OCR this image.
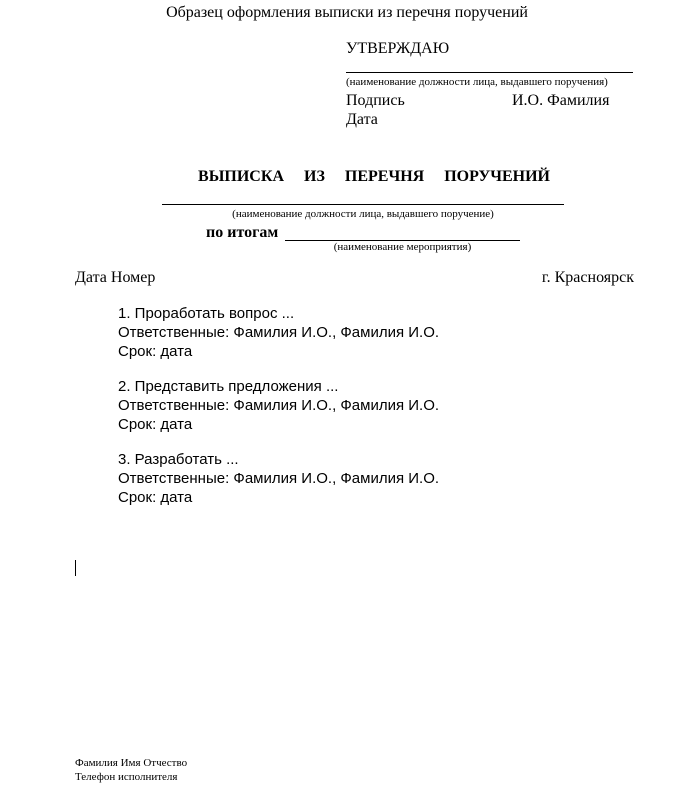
Образец оформления выписки из перечня поручений
УТВЕРЖДАЮ
(наименование должности лица, выдавшего поручения)
Подпись	И.О. Фамилия
Дата
ВЫПИСКА  ИЗ  ПЕРЕЧНЯ  ПОРУЧЕНИЙ
(наименование должности лица, выдавшего поручение)
по итогам
(наименование мероприятия)
Дата Номер	г. Красноярск
1. Проработать вопрос ...
Ответственные: Фамилия И.О., Фамилия И.О.
Срок: дата
2. Представить предложения ...
Ответственные: Фамилия И.О., Фамилия И.О.
Срок: дата
3. Разработать ...
Ответственные: Фамилия И.О., Фамилия И.О.
Срок: дата
Фамилия Имя Отчество
Телефон исполнителя
